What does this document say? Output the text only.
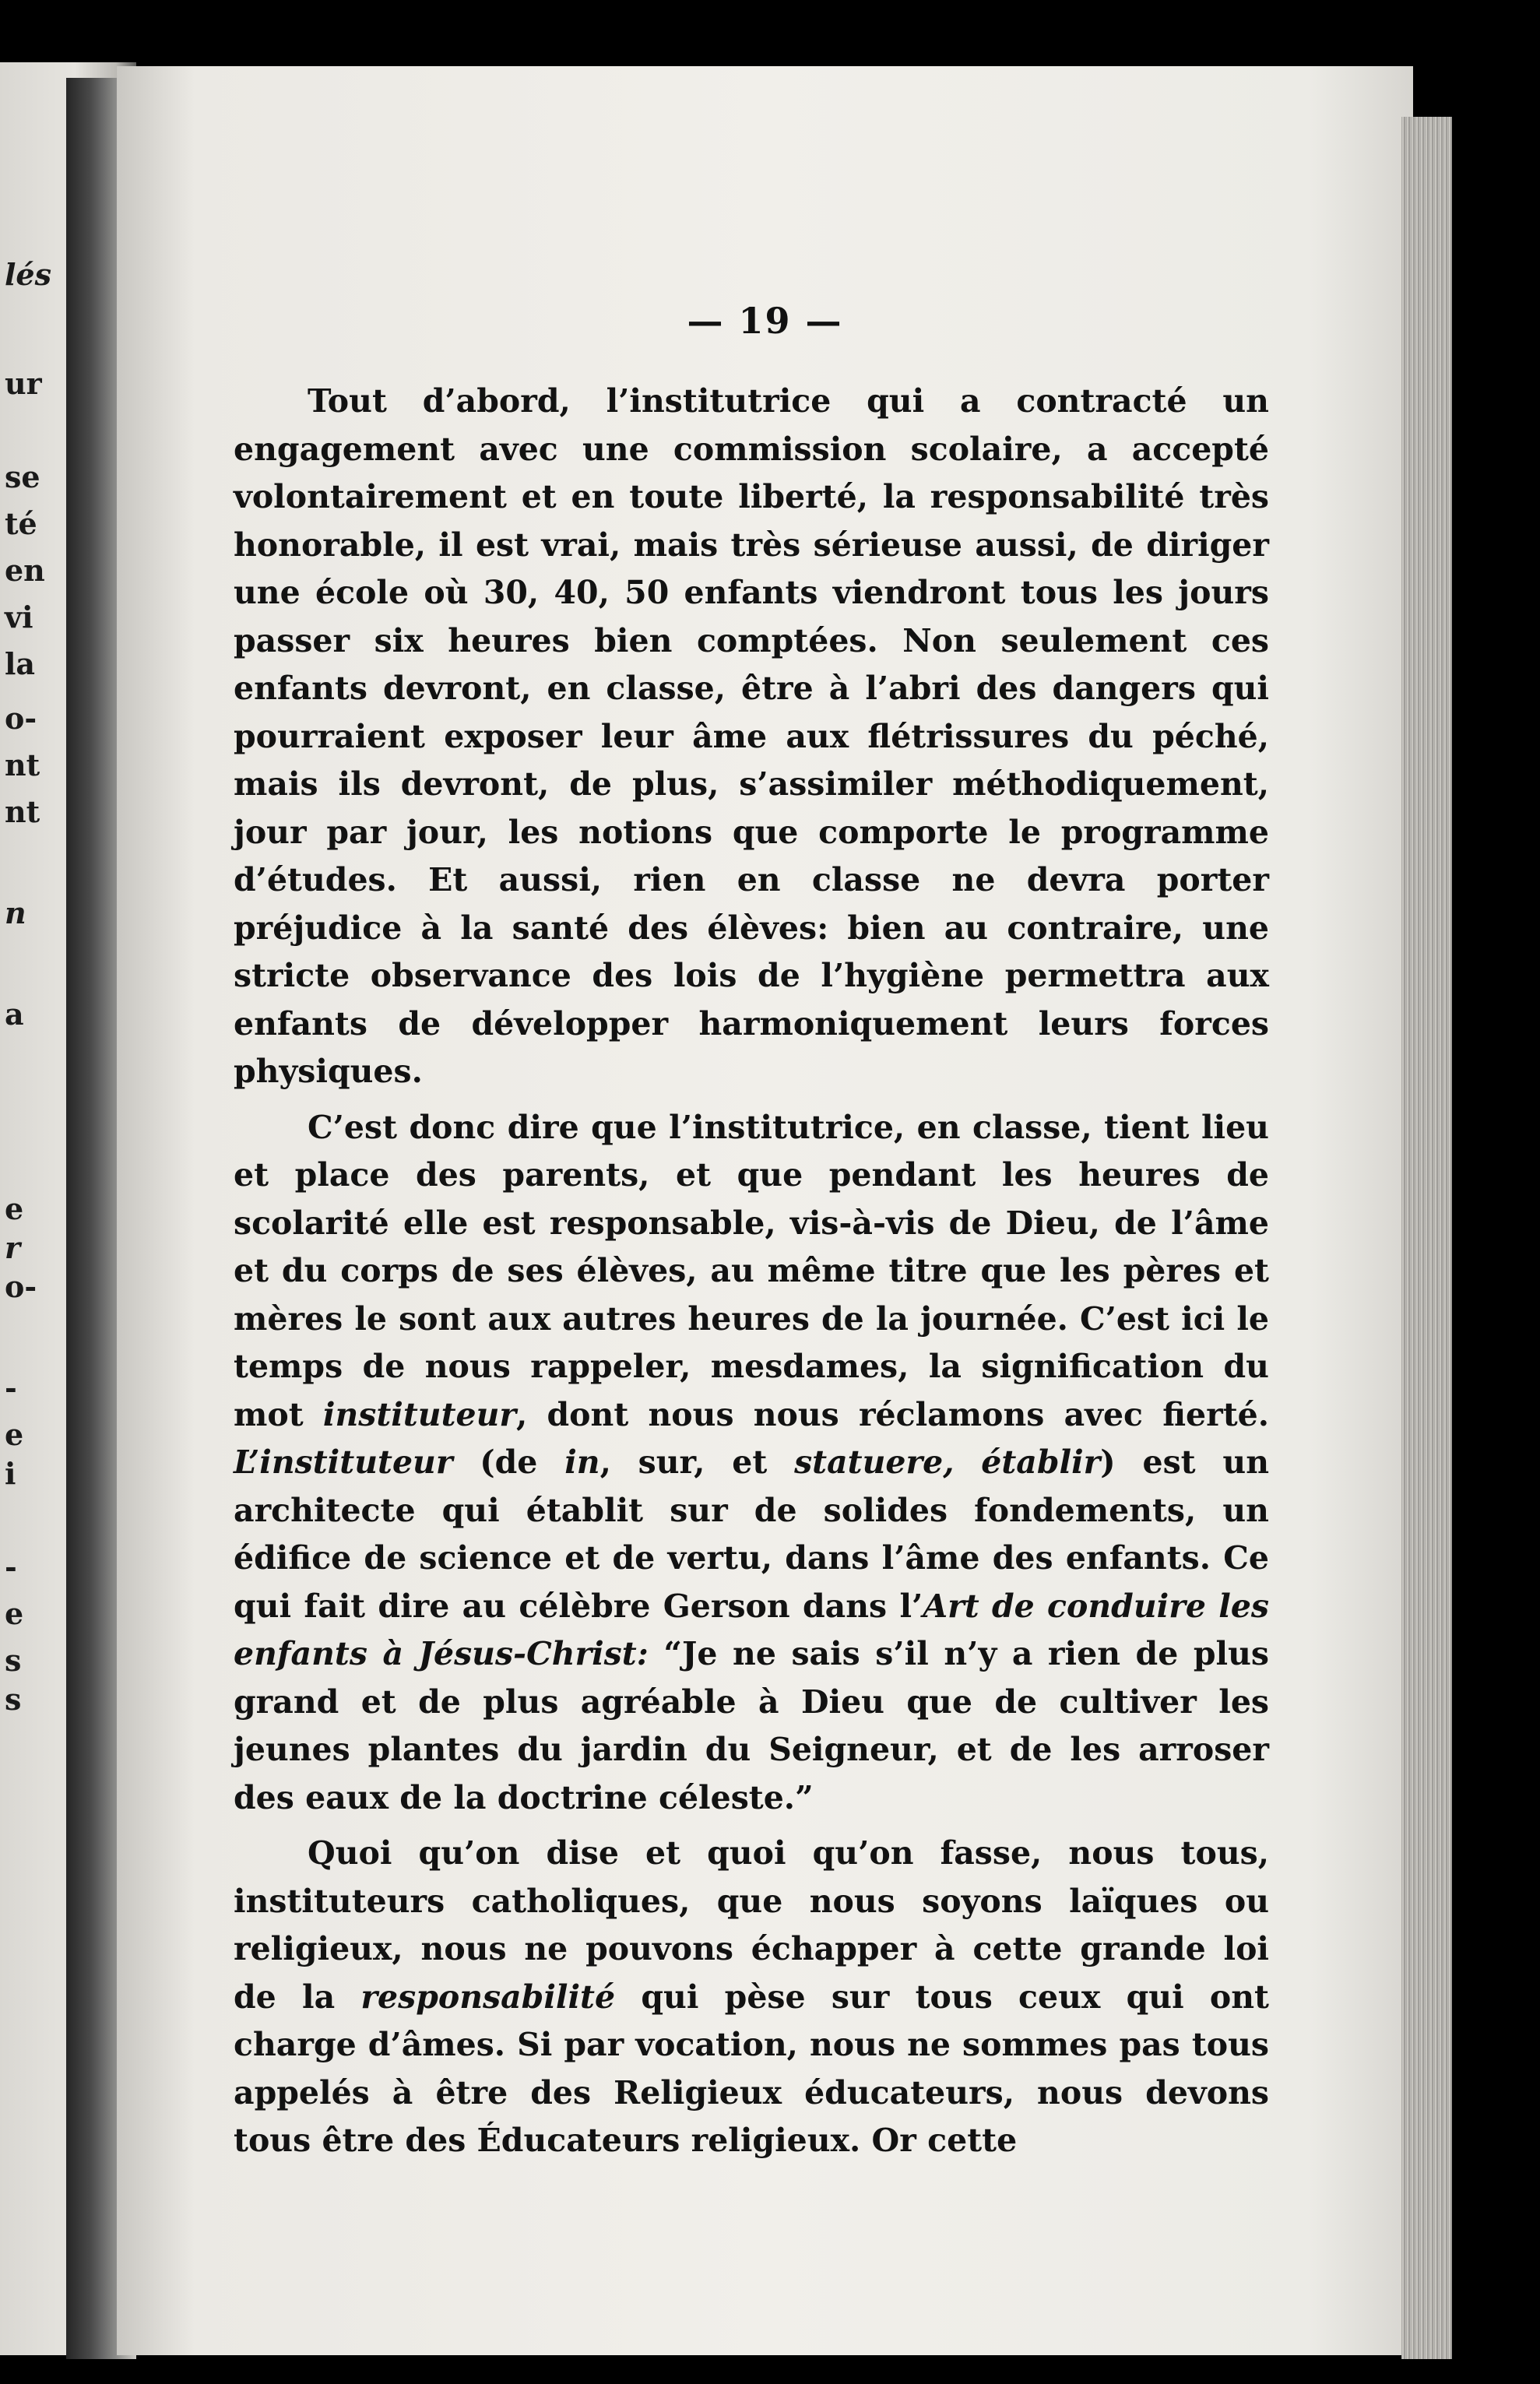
lés
ur
se
té
en
vi
la
o-
nt
nt
n
a
e
r
o-
-
e
i
-
e
s
s
— 19 —

Tout d’abord, l’institutrice qui a contracté un engagement avec une commission scolaire, a accepté volontairement et en toute liberté, la responsabilité très honorable, il est vrai, mais très sérieuse aussi, de diriger une école où 30, 40, 50 enfants viendront tous les jours passer six heures bien comptées. Non seulement ces enfants devront, en classe, être à l’abri des dangers qui pourraient exposer leur âme aux flétrissures du péché, mais ils devront, de plus, s’assimiler méthodiquement, jour par jour, les notions que comporte le programme d’études. Et aussi, rien en classe ne devra porter préjudice à la santé des élèves: bien au contraire, une stricte observance des lois de l’hygiène permettra aux enfants de développer harmoniquement leurs forces physiques.

C’est donc dire que l’institutrice, en classe, tient lieu et place des parents, et que pendant les heures de scolarité elle est responsable, vis-à-vis de Dieu, de l’âme et du corps de ses élèves, au même titre que les pères et mères le sont aux autres heures de la journée. C’est ici le temps de nous rappeler, mesdames, la signification du mot instituteur, dont nous nous réclamons avec fierté. L’instituteur (de in, sur, et statuere, établir) est un architecte qui établit sur de solides fondements, un édifice de science et de vertu, dans l’âme des enfants. Ce qui fait dire au célèbre Gerson dans l’Art de conduire les enfants à Jésus-Christ: “Je ne sais s’il n’y a rien de plus grand et de plus agréable à Dieu que de cultiver les jeunes plantes du jardin du Seigneur, et de les arroser des eaux de la doctrine céleste.”

Quoi qu’on dise et quoi qu’on fasse, nous tous, instituteurs catholiques, que nous soyons laïques ou religieux, nous ne pouvons échapper à cette grande loi de la responsabilité qui pèse sur tous ceux qui ont charge d’âmes. Si par vocation, nous ne sommes pas tous appelés à être des Religieux éducateurs, nous devons tous être des Éducateurs religieux. Or cette
